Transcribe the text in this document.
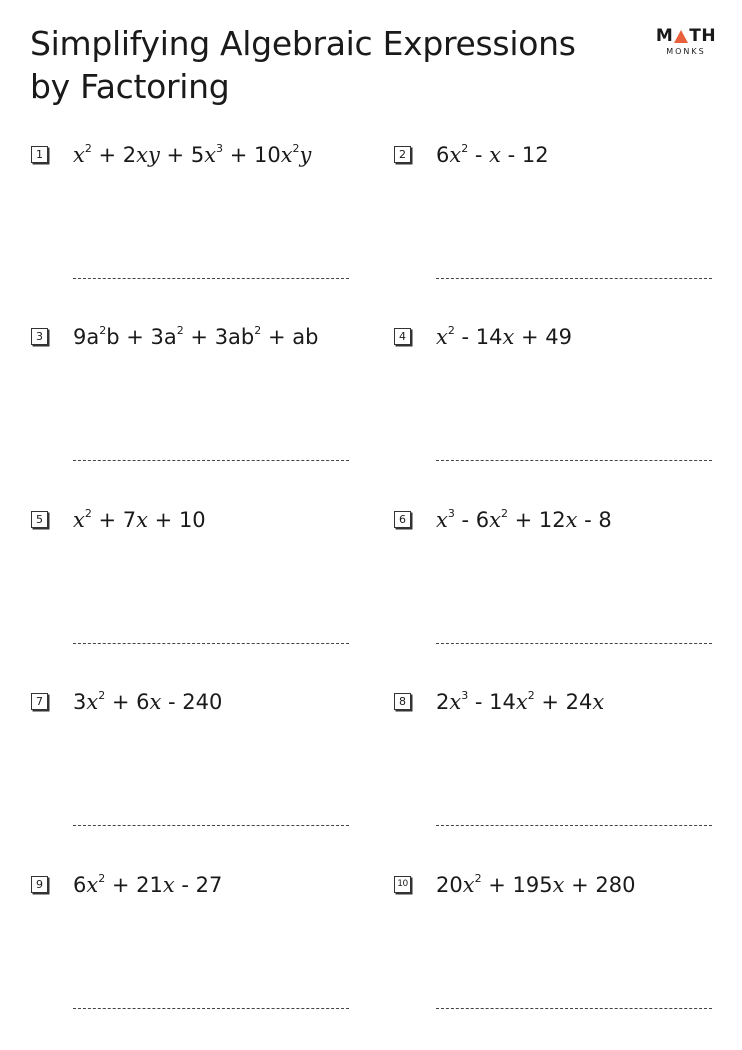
Simplifying Algebraic Expressions
by Factoring
M TH
MONKS
1 $x^2 + 2xy + 5x^3 + 10x^2y$	2 $6x^2$ - x - 12
3 $9a^2b + 3a^2 + 3ab^2$ + ab	4 $x^2 - 14x + 49$
5 $x^2 + 7x + 10$	6 $x^3 - 6x^2 + 12x - 8$
7 $3x^2 + 6x - 240$	8 $2x^3 - 14x^2 + 24x$
9 $6x^2 + 21x - 27$	10 $20x^2 + 195x + 280$
